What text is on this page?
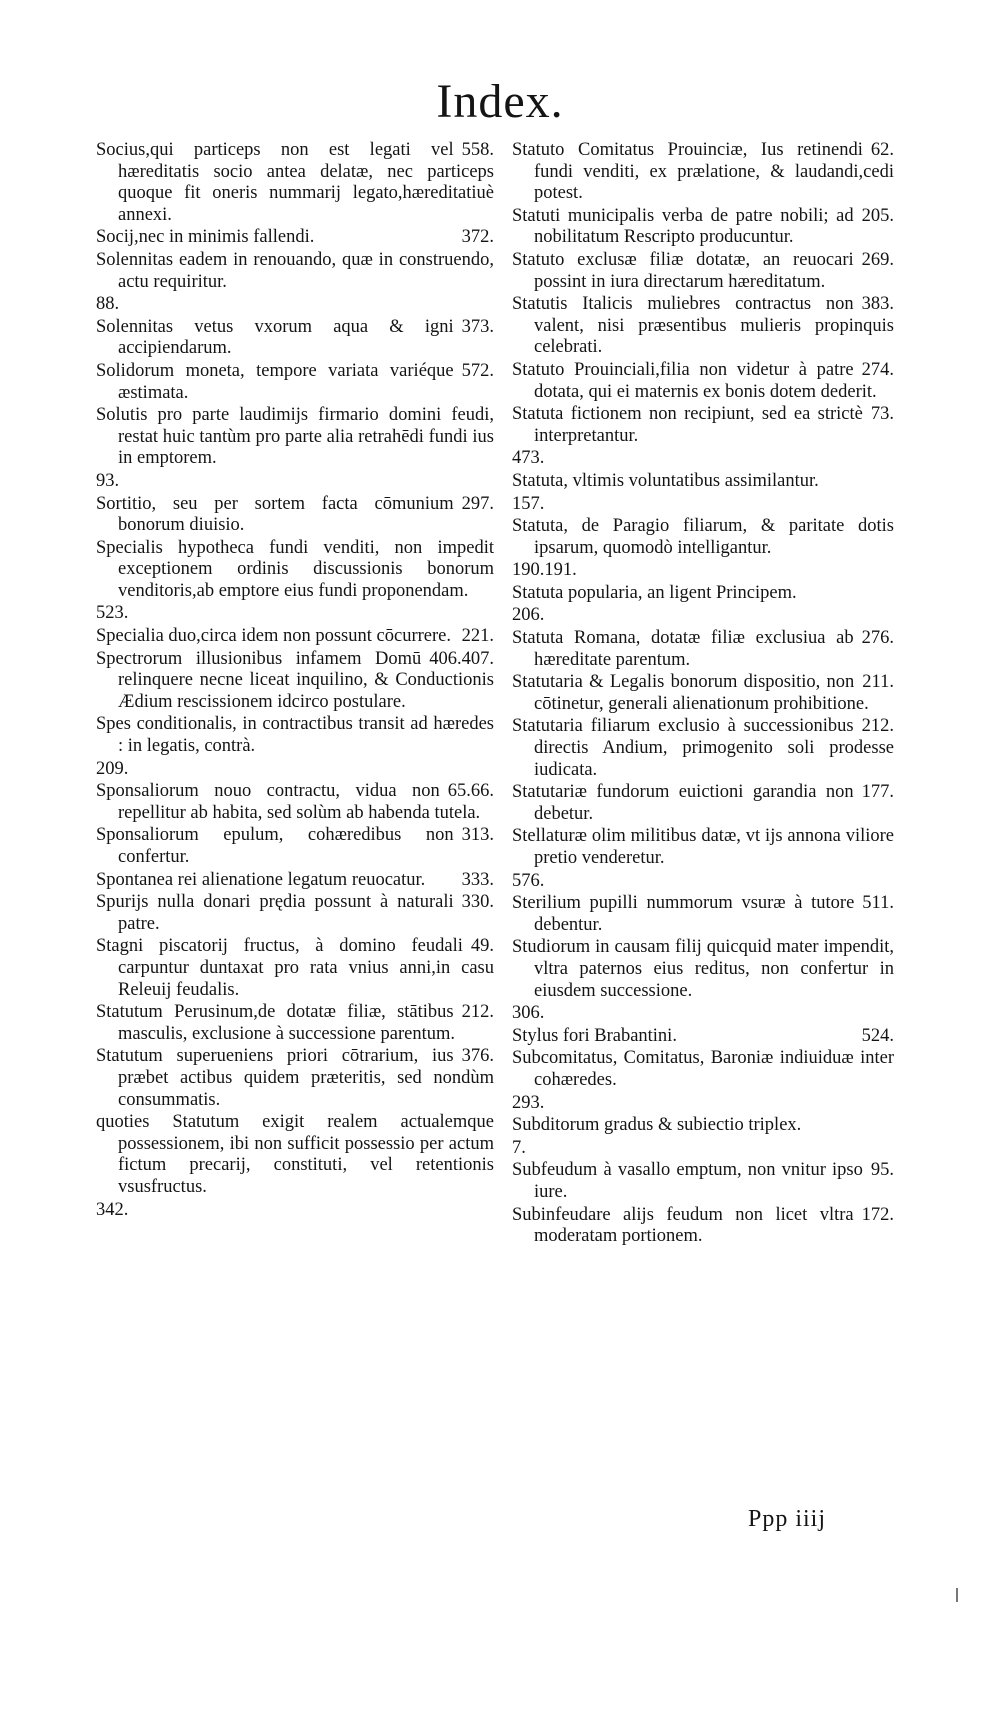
Index.
558.
Socius,qui particeps non est legati vel hæreditatis socio antea delatæ, nec particeps quoque fit oneris nummarij legato,hæreditatiuè annexi.
372.
Socij,nec in minimis fallendi.
Solennitas eadem in renouando, quæ in construendo, actu requiritur.
88.
373.
Solennitas vetus vxorum aqua & igni accipiendarum.
572.
Solidorum moneta, tempore variata variéque æstimata.
Solutis pro parte laudimijs firmario domini feudi, restat huic tantùm pro parte alia retrahēdi fundi ius in emptorem.
93.
297.
Sortitio, seu per sortem facta cōmunium bonorum diuisio.
Specialis hypotheca fundi venditi, non impedit exceptionem ordinis discussionis bonorum venditoris,ab emptore eius fundi proponendam.
523.
221.
Specialia duo,circa idem non possunt cōcurrere.
406.407.
Spectrorum illusionibus infamem Domū relinquere necne liceat inquilino, & Conductionis Ædium rescissionem idcirco postulare.
Spes conditionalis, in contractibus transit ad hæredes : in legatis, contrà.
209.
65.66.
Sponsaliorum nouo contractu, vidua non repellitur ab habita, sed solùm ab habenda tutela.
313.
Sponsaliorum epulum, cohæredibus non confertur.
333.
Spontanea rei alienatione legatum reuocatur.
330.
Spurijs nulla donari prędia possunt à naturali patre.
49.
Stagni piscatorij fructus, à domino feudali carpuntur duntaxat pro rata vnius anni,in casu Releuij feudalis.
212.
Statutum Perusinum,de dotatæ filiæ, stātibus masculis, exclusione à successione parentum.
376.
Statutum superueniens priori cōtrarium, ius præbet actibus quidem præteritis, sed nondùm consummatis.
quoties Statutum exigit realem actualemque possessionem, ibi non sufficit possessio per actum fictum precarij, constituti, vel retentionis vsusfructus.
342.
62.
Statuto Comitatus Prouinciæ, Ius retinendi fundi venditi, ex prælatione, & laudandi,cedi potest.
205.
Statuti municipalis verba de patre nobili; ad nobilitatum Rescripto producuntur.
269.
Statuto exclusæ filiæ dotatæ, an reuocari possint in iura directarum hæreditatum.
383.
Statutis Italicis muliebres contractus non valent, nisi præsentibus mulieris propinquis celebrati.
274.
Statuto Prouinciali,filia non videtur à patre dotata, qui ei maternis ex bonis dotem dederit.
73.
Statuta fictionem non recipiunt, sed ea strictè interpretantur.
473.
Statuta, vltimis voluntatibus assimilantur.
157.
Statuta, de Paragio filiarum, & paritate dotis ipsarum, quomodò intelligantur.
190.191.
Statuta popularia, an ligent Principem.
206.
276.
Statuta Romana, dotatæ filiæ exclusiua ab hæreditate parentum.
211.
Statutaria & Legalis bonorum dispositio, non cōtinetur, generali alienationum prohibitione.
212.
Statutaria filiarum exclusio à successionibus directis Andium, primogenito soli prodesse iudicata.
177.
Statutariæ fundorum euictioni garandia non debetur.
Stellaturæ olim militibus datæ, vt ijs annona viliore pretio venderetur.
576.
511.
Sterilium pupilli nummorum vsuræ à tutore debentur.
Studiorum in causam filij quicquid mater impendit, vltra paternos eius reditus, non confertur in eiusdem successione.
306.
524.
Stylus fori Brabantini.
Subcomitatus, Comitatus, Baroniæ indiuiduæ inter cohæredes.
293.
Subditorum gradus & subiectio triplex.
7.
95.
Subfeudum à vasallo emptum, non vnitur ipso iure.
172.
Subinfeudare alijs feudum non licet vltra moderatam portionem.
Ppp iiij
